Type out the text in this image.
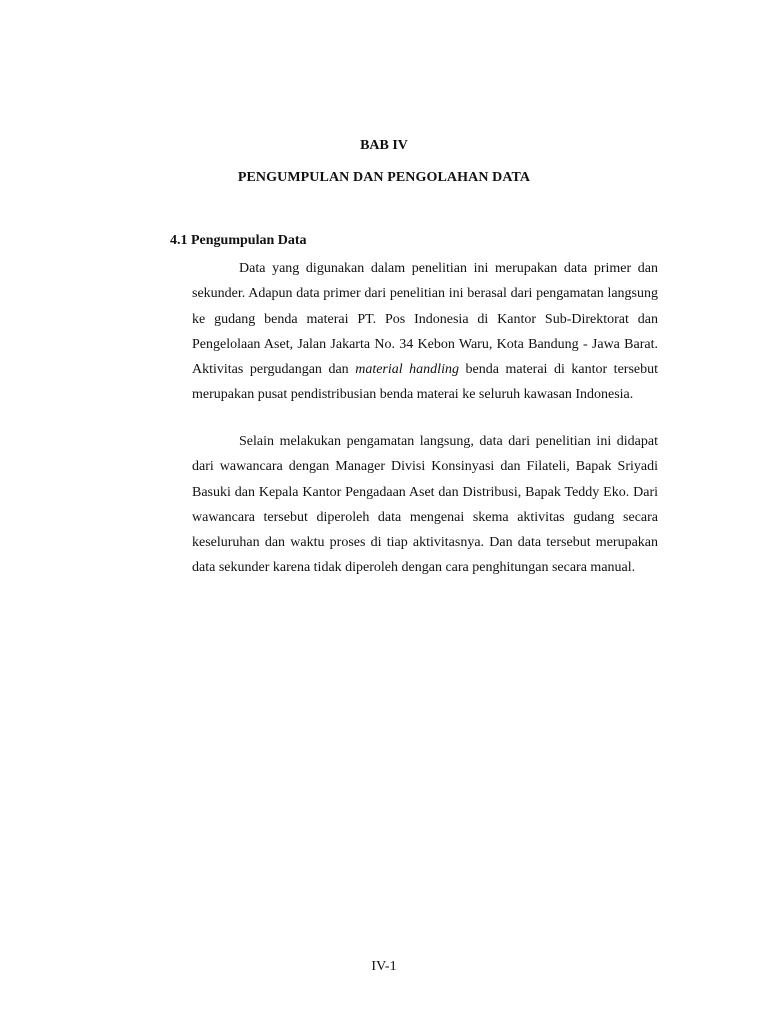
BAB IV
PENGUMPULAN DAN PENGOLAHAN DATA
4.1 Pengumpulan Data

Data yang digunakan dalam penelitian ini merupakan data primer dan sekunder. Adapun data primer dari penelitian ini berasal dari pengamatan langsung ke gudang benda materai PT. Pos Indonesia di Kantor Sub-Direktorat dan Pengelolaan Aset, Jalan Jakarta No. 34 Kebon Waru, Kota Bandung - Jawa Barat. Aktivitas pergudangan dan material handling benda materai di kantor tersebut merupakan pusat pendistribusian benda materai ke seluruh kawasan Indonesia.

Selain melakukan pengamatan langsung, data dari penelitian ini didapat dari wawancara dengan Manager Divisi Konsinyasi dan Filateli, Bapak Sriyadi Basuki dan Kepala Kantor Pengadaan Aset dan Distribusi, Bapak Teddy Eko. Dari wawancara tersebut diperoleh data mengenai skema aktivitas gudang secara keseluruhan dan waktu proses di tiap aktivitasnya. Dan data tersebut merupakan data sekunder karena tidak diperoleh dengan cara penghitungan secara manual.

IV-1
